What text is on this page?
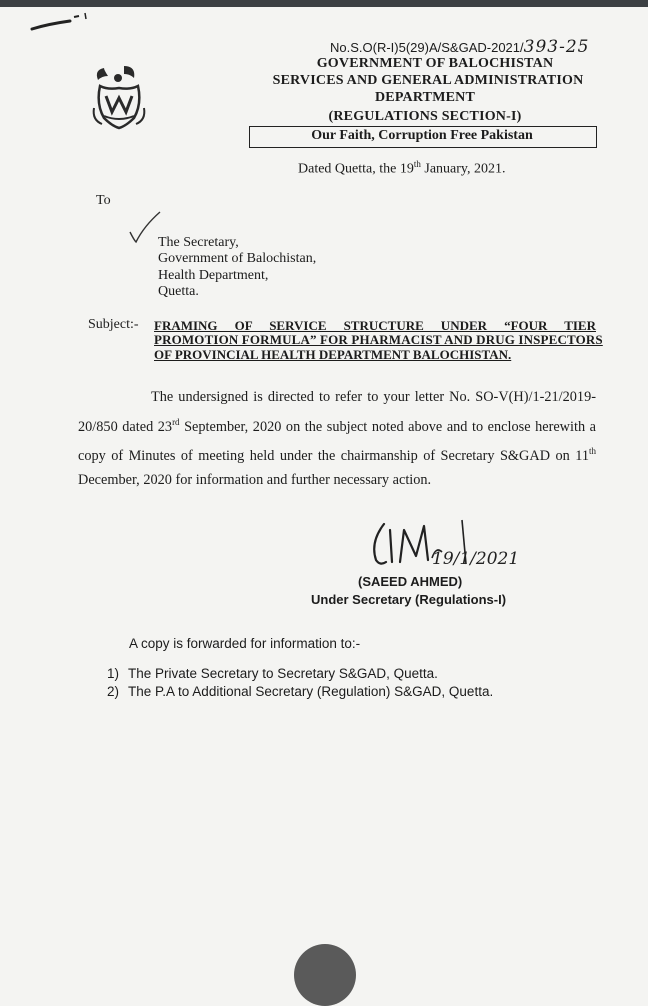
No.S.O(R-I)5(29)A/S&GAD-2021/393-25
GOVERNMENT OF BALOCHISTAN
SERVICES AND GENERAL ADMINISTRATION
DEPARTMENT
(REGULATIONS SECTION-I)
Our Faith, Corruption Free Pakistan
Dated Quetta, the 19th January, 2021.
To
The Secretary,
Government of Balochistan,
Health Department,
Quetta.
Subject:- FRAMING OF SERVICE STRUCTURE UNDER “FOUR TIER
PROMOTION FORMULA” FOR PHARMACIST AND DRUG INSPECTORS
OF PROVINCIAL HEALTH DEPARTMENT BALOCHISTAN.
The undersigned is directed to refer to your letter No. SO-V(H)/1-21/2019-20/850 dated 23rd September, 2020 on the subject noted above and to enclose herewith a copy of Minutes of meeting held under the chairmanship of Secretary S&GAD on 11th December, 2020 for information and further necessary action.
19/1/2021
(SAEED AHMED)
Under Secretary (Regulations-I)
A copy is forwarded for information to:-
1) The Private Secretary to Secretary S&GAD, Quetta.
2) The P.A to Additional Secretary (Regulation) S&GAD, Quetta.
